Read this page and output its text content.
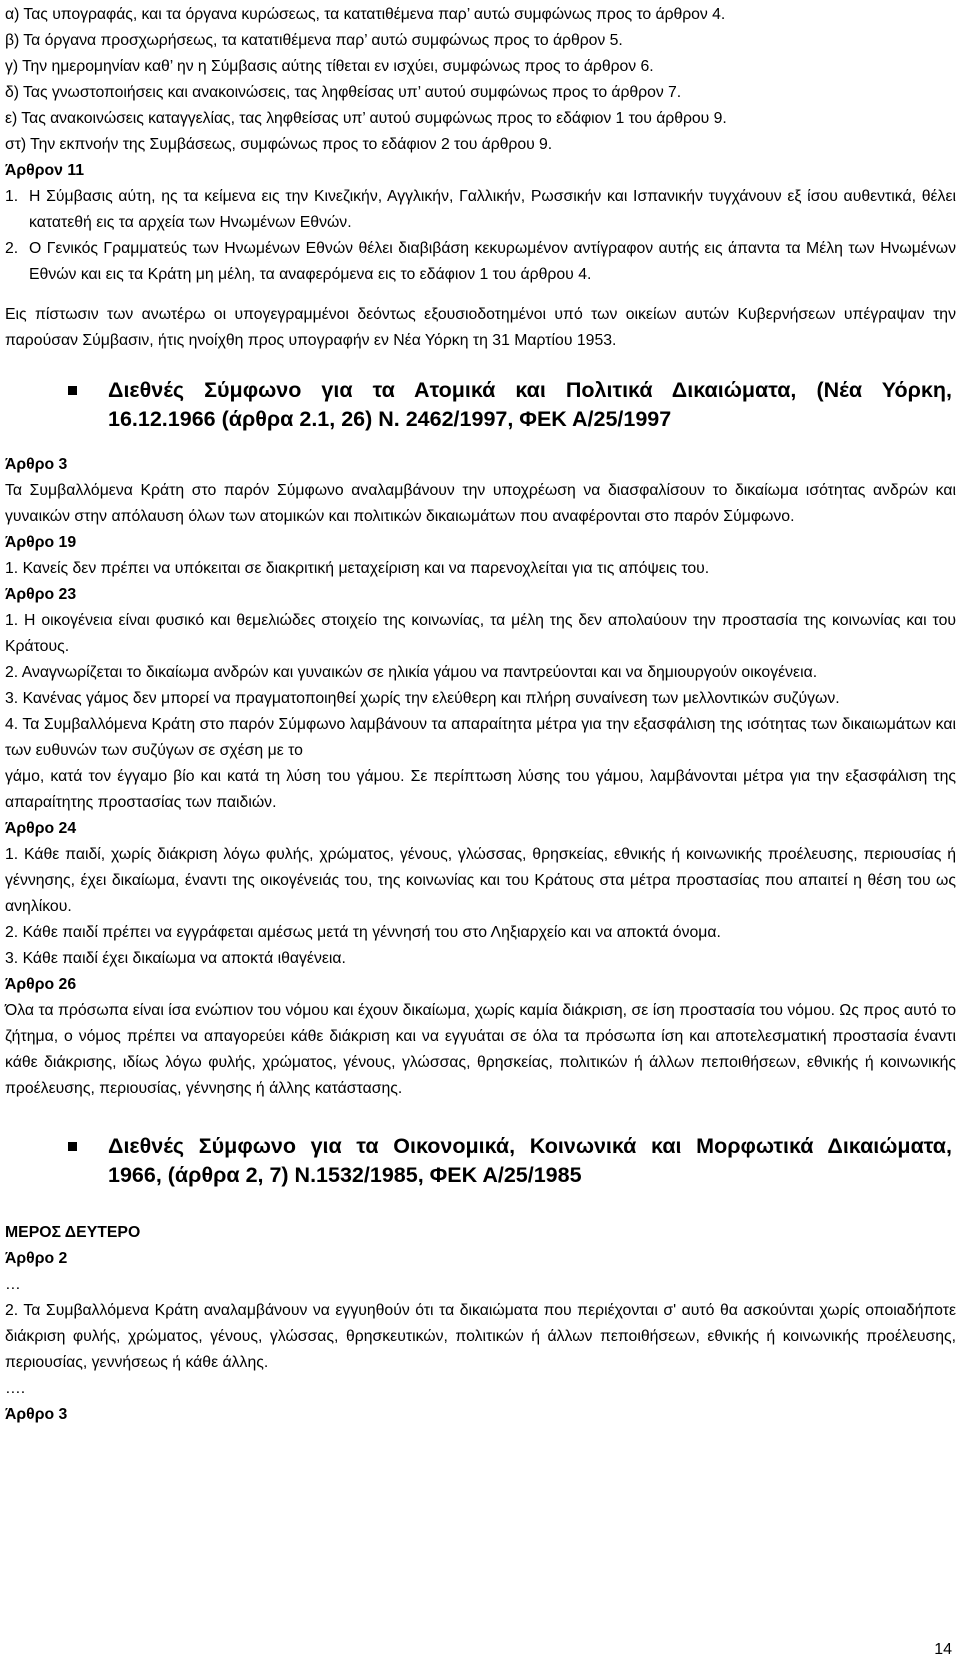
α) Τας υπογραφάς, και τα όργανα κυρώσεως, τα κατατιθέμενα παρ’ αυτώ συμφώνως προς το άρθρον 4.
β) Τα όργανα προσχωρήσεως, τα κατατιθέμενα παρ’ αυτώ συμφώνως προς το άρθρον 5.
γ) Την ημερομηνίαν καθ’ ην η Σύμβασις αύτης τίθεται εν ισχύει, συμφώνως προς το άρθρον 6.
δ) Τας γνωστοποιήσεις και ανακοινώσεις, τας ληφθείσας υπ’ αυτού συμφώνως προς το άρθρον 7.
ε) Τας ανακοινώσεις καταγγελίας, τας ληφθείσας υπ’ αυτού συμφώνως προς το εδάφιον 1 του άρθρου 9.
στ) Την εκπνοήν της Συμβάσεως, συμφώνως προς το εδάφιον 2 του άρθρου 9.
Άρθρον 11
1. Η Σύμβασις αύτη, ης τα κείμενα εις την Κινεζικήν, Αγγλικήν, Γαλλικήν, Ρωσσικήν και Ισπανικήν τυγχάνουν εξ ίσου αυθεντικά, θέλει κατατεθή εις τα αρχεία των Ηνωμένων Εθνών.
2. Ο Γενικός Γραμματεύς των Ηνωμένων Εθνών θέλει διαβιβάση κεκυρωμένον αντίγραφον αυτής εις άπαντα τα Μέλη των Ηνωμένων Εθνών και εις τα Κράτη μη μέλη, τα αναφερόμενα εις το εδάφιον 1 του άρθρου 4.
Εις πίστωσιν των ανωτέρω οι υπογεγραμμένοι δεόντως εξουσιοδοτημένοι υπό των οικείων αυτών Κυβερνήσεων υπέγραψαν την παρούσαν Σύμβασιν, ήτις ηνοίχθη προς υπογραφήν εν Νέα Υόρκη τη 31 Μαρτίου 1953.
Διεθνές Σύμφωνο για τα Ατομικά και Πολιτικά Δικαιώματα, (Νέα Υόρκη,
16.12.1966 (άρθρα 2.1, 26) Ν. 2462/1997, ΦΕΚ Α/25/1997
Άρθρο 3
Τα Συμβαλλόμενα Κράτη στο παρόν Σύμφωνο αναλαμβάνουν την υποχρέωση να διασφαλίσουν το δικαίωμα ισότητας ανδρών και γυναικών στην απόλαυση όλων των ατομικών και πολιτικών δικαιωμάτων που αναφέρονται στο παρόν Σύμφωνο.
Άρθρο 19
1. Κανείς δεν πρέπει να υπόκειται σε διακριτική μεταχείριση και να παρενοχλείται για τις απόψεις του.
Άρθρο 23
1. Η οικογένεια είναι φυσικό και θεμελιώδες στοιχείο της κοινωνίας, τα μέλη της δεν απολαύουν την προστασία της κοινωνίας και του Κράτους.
2. Αναγνωρίζεται το δικαίωμα ανδρών και γυναικών σε ηλικία γάμου να παντρεύονται και να δημιουργούν οικογένεια.
3. Κανένας γάμος δεν μπορεί να πραγματοποιηθεί χωρίς την ελεύθερη και πλήρη συναίνεση των μελλοντικών συζύγων.
4. Τα Συμβαλλόμενα Κράτη στο παρόν Σύμφωνο λαμβάνουν τα απαραίτητα μέτρα για την εξασφάλιση της ισότητας των δικαιωμάτων και των ευθυνών των συζύγων σε σχέση με το
γάμο, κατά τον έγγαμο βίο και κατά τη λύση του γάμου. Σε περίπτωση λύσης του γάμου, λαμβάνονται μέτρα για την εξασφάλιση της απαραίτητης προστασίας των παιδιών.
Άρθρο 24
1. Κάθε παιδί, χωρίς διάκριση λόγω φυλής, χρώματος, γένους, γλώσσας, θρησκείας, εθνικής ή κοινωνικής προέλευσης, περιουσίας ή γέννησης, έχει δικαίωμα, έναντι της οικογένειάς του, της κοινωνίας και του Κράτους στα μέτρα προστασίας που απαιτεί η θέση του ως ανηλίκου.
2. Κάθε παιδί πρέπει να εγγράφεται αμέσως μετά τη γέννησή του στο Ληξιαρχείο και να αποκτά όνομα.
3. Κάθε παιδί έχει δικαίωμα να αποκτά ιθαγένεια.
Άρθρο 26
Όλα τα πρόσωπα είναι ίσα ενώπιον του νόμου και έχουν δικαίωμα, χωρίς καμία διάκριση, σε ίση προστασία του νόμου. Ως προς αυτό το ζήτημα, ο νόμος πρέπει να απαγορεύει κάθε διάκριση και να εγγυάται σε όλα τα πρόσωπα ίση και αποτελεσματική προστασία έναντι κάθε διάκρισης, ιδίως λόγω φυλής, χρώματος, γένους, γλώσσας, θρησκείας, πολιτικών ή άλλων πεποιθήσεων, εθνικής ή κοινωνικής προέλευσης, περιουσίας, γέννησης ή άλλης κατάστασης.
Διεθνές Σύμφωνο για τα Οικονομικά, Κοινωνικά και Μορφωτικά Δικαιώματα,
1966, (άρθρα 2, 7) Ν.1532/1985, ΦΕΚ Α/25/1985
ΜΕΡΟΣ ΔΕΥΤΕΡΟ
Άρθρο 2
…
2. Τα Συμβαλλόμενα Κράτη αναλαμβάνουν να εγγυηθούν ότι τα δικαιώματα που περιέχονται σ' αυτό θα ασκούνται χωρίς οποιαδήποτε διάκριση φυλής, χρώματος, γένους, γλώσσας, θρησκευτικών, πολιτικών ή άλλων πεποιθήσεων, εθνικής ή κοινωνικής προέλευσης, περιουσίας, γεννήσεως ή κάθε άλλης.
….
Άρθρο 3
14
